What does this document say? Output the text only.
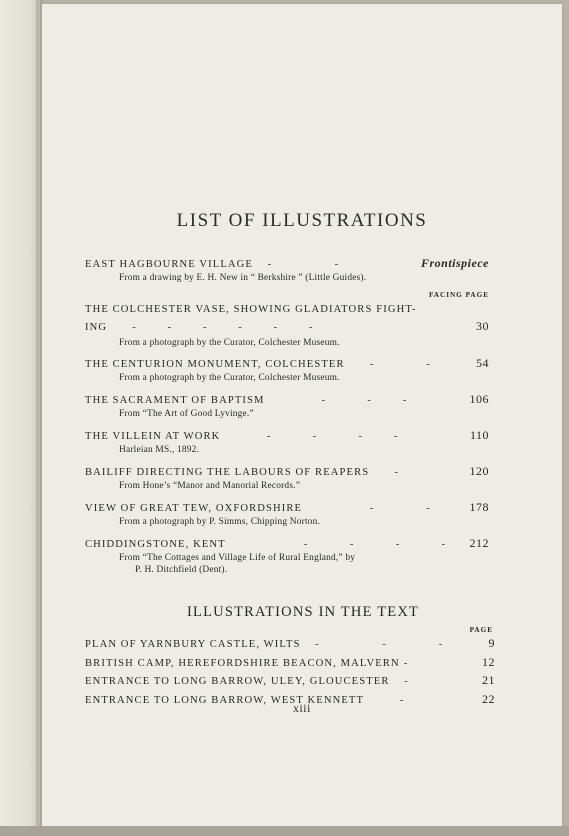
LIST OF ILLUSTRATIONS
EAST HAGBOURNE VILLAGE  -      -	Frontispiece
From a drawing by E. H. New in “ Berkshire ” (Little Guides).
FACING PAGE
THE COLCHESTER VASE, SHOWING GLADIATORS FIGHT-
ING   -   -   -   -   -   -	30
From a photograph by the Curator, Colchester Museum.
THE CENTURION MONUMENT, COLCHESTER   -     -	54
From a photograph by the Curator, Colchester Museum.
THE SACRAMENT OF BAPTISM      -    -   -	106
From “The Art of Good Lyvinge.”
THE VILLEIN AT WORK     -    -    -   -	110
Harleian MS., 1892.
BAILIFF DIRECTING THE LABOURS OF REAPERS   -	120
From Hone’s “Manor and Manorial Records.”
VIEW OF GREAT TEW, OXFORDSHIRE       -     -	178
From a photograph by P. Simms, Chipping Norton.
CHIDDINGSTONE, KENT        -    -    -    -	212
From “The Cottages and Village Life of Rural England,” by
P. H. Ditchfield (Dent).
ILLUSTRATIONS IN THE TEXT
PAGE
PLAN OF YARNBURY CASTLE, WILTS  -      -     -	9
BRITISH CAMP, HEREFORDSHIRE BEACON, MALVERN -	12
ENTRANCE TO LONG BARROW, ULEY, GLOUCESTER  -	21
ENTRANCE TO LONG BARROW, WEST KENNETT    -	22
xiii
